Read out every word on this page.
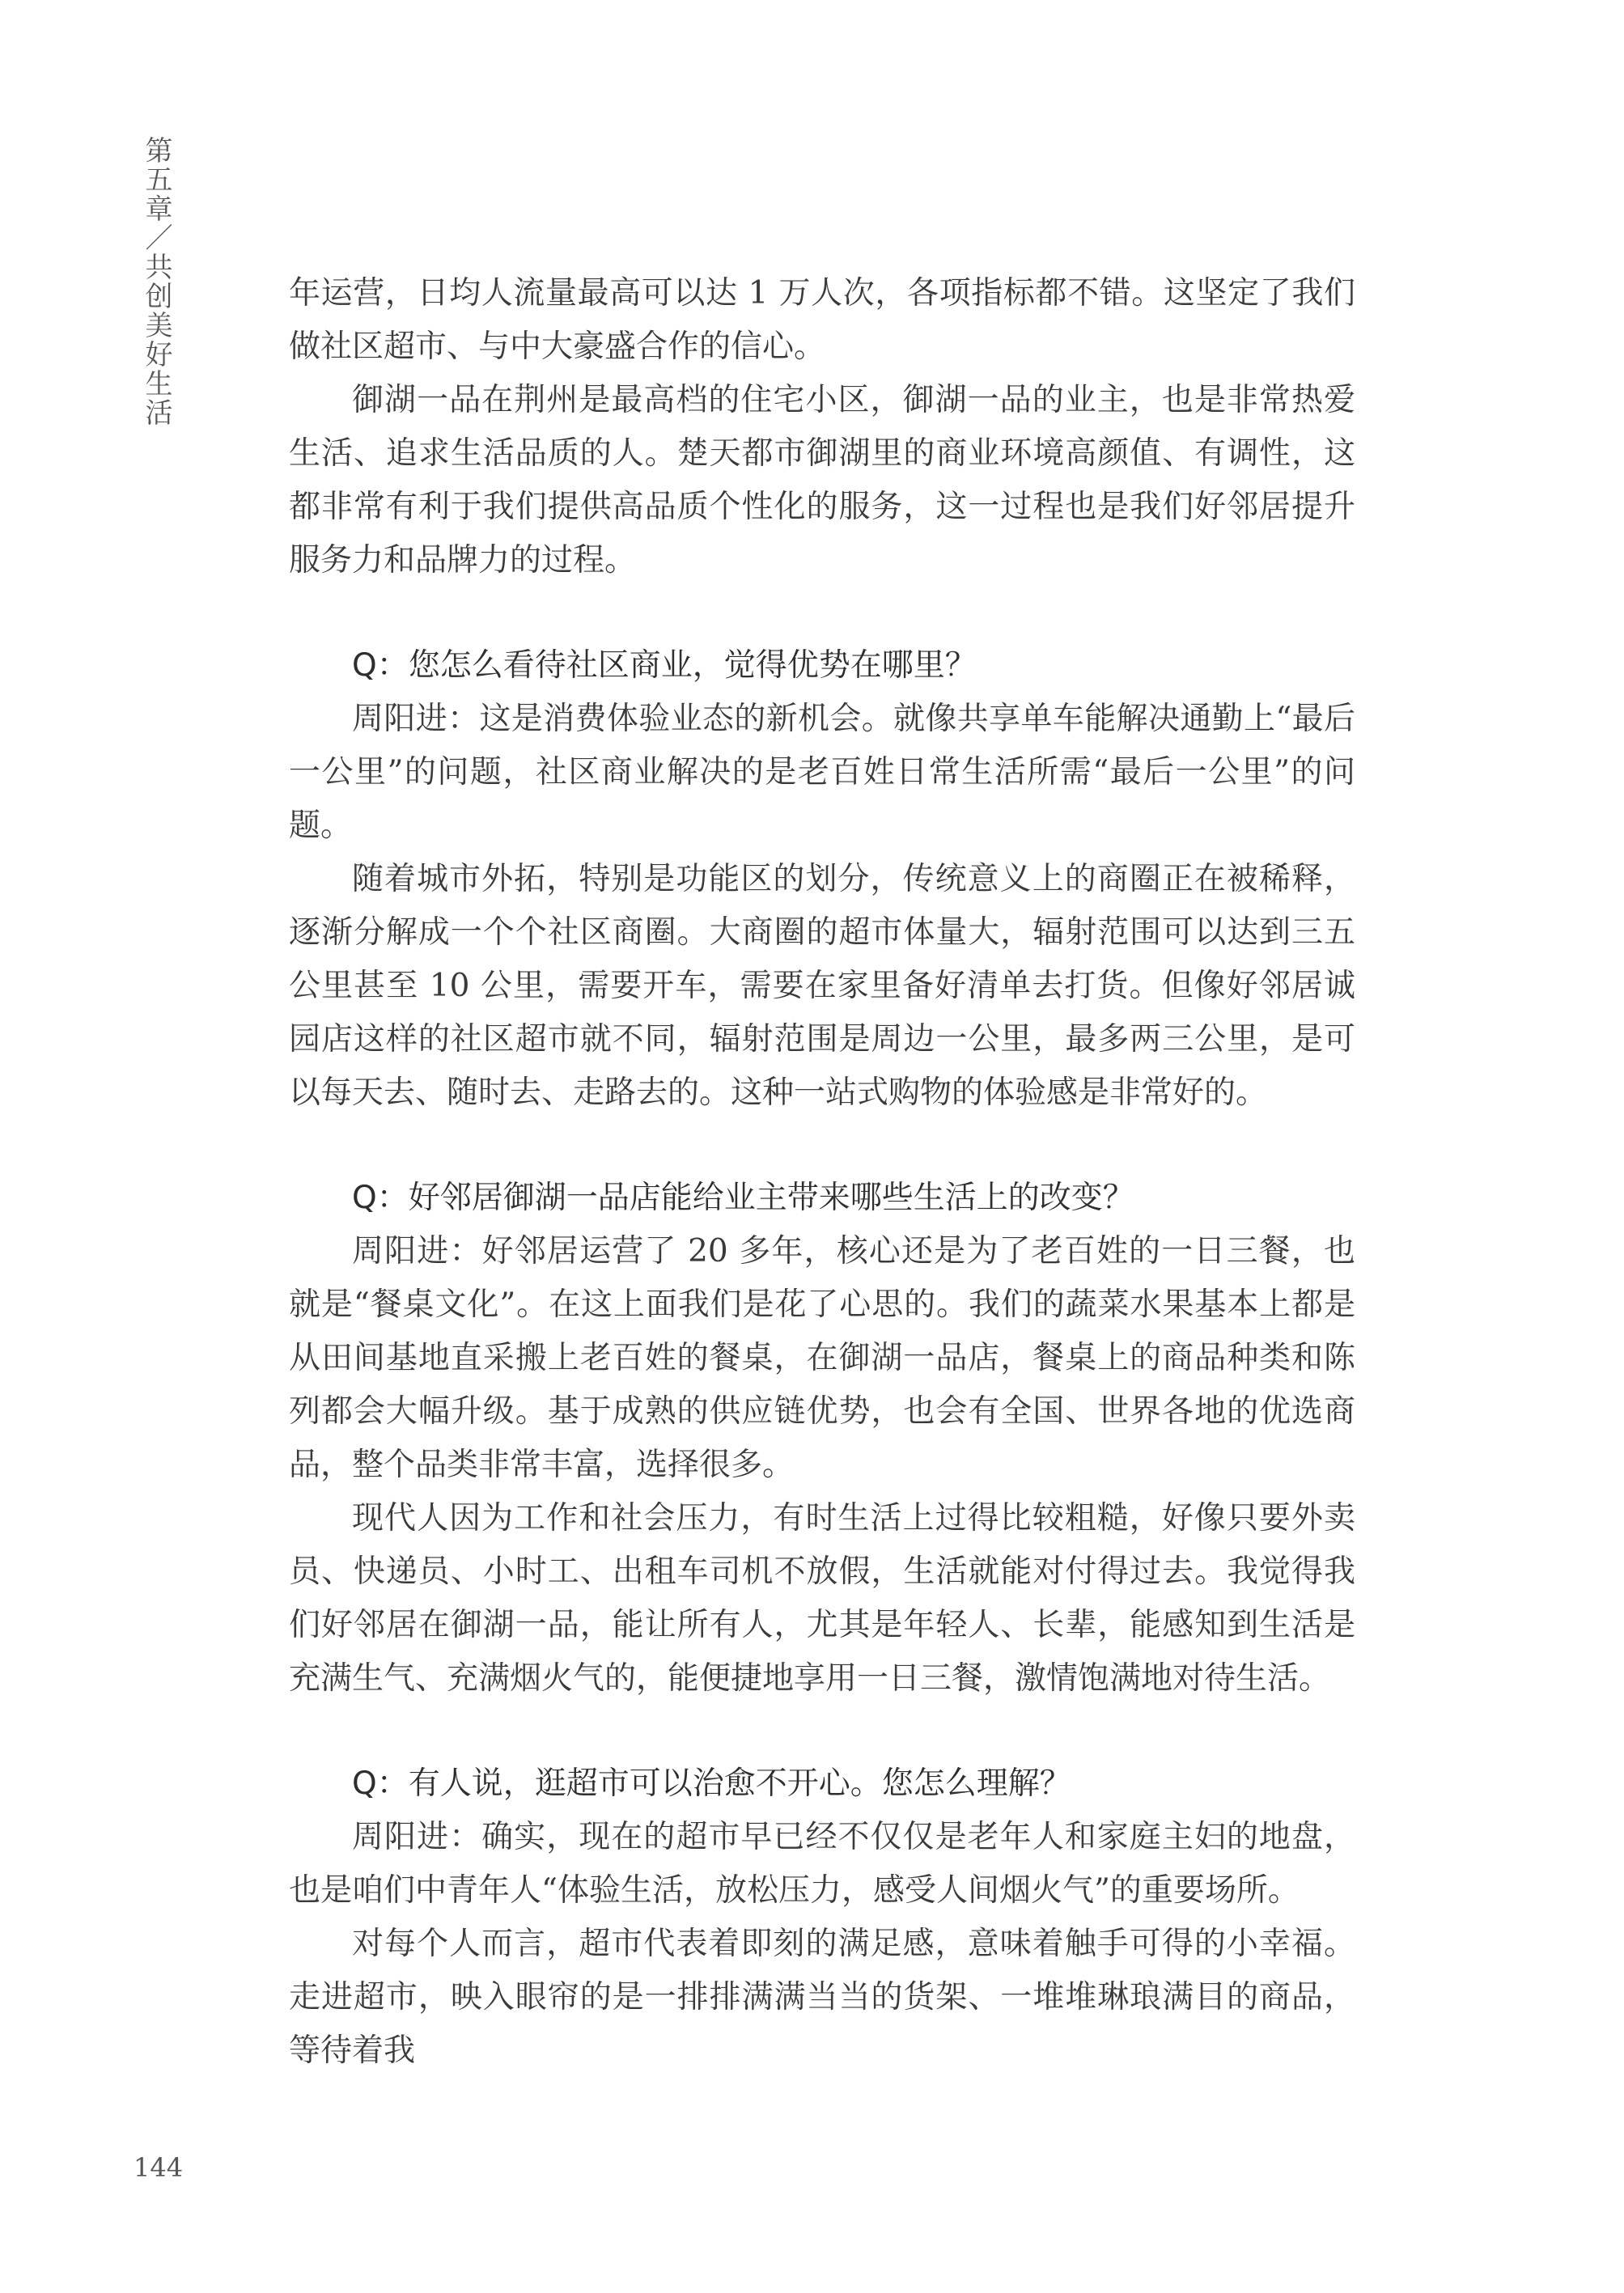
第五章／共创美好生活	年运营，日均人流量最高可以达 1 万人次，各项指标都不错。这坚定了我们做社区超市、与中大豪盛合作的信心。

御湖一品在荆州是最高档的住宅小区，御湖一品的业主，也是非常热爱生活、追求生活品质的人。楚天都市御湖里的商业环境高颜值、有调性，这都非常有利于我们提供高品质个性化的服务，这一过程也是我们好邻居提升服务力和品牌力的过程。

Q：您怎么看待社区商业，觉得优势在哪里？

周阳进：这是消费体验业态的新机会。就像共享单车能解决通勤上“最后一公里”的问题，社区商业解决的是老百姓日常生活所需“最后一公里”的问题。

随着城市外拓，特别是功能区的划分，传统意义上的商圈正在被稀释，逐渐分解成一个个社区商圈。大商圈的超市体量大，辐射范围可以达到三五公里甚至 10 公里，需要开车，需要在家里备好清单去打货。但像好邻居诚园店这样的社区超市就不同，辐射范围是周边一公里，最多两三公里，是可以每天去、随时去、走路去的。这种一站式购物的体验感是非常好的。

Q：好邻居御湖一品店能给业主带来哪些生活上的改变？

周阳进：好邻居运营了 20 多年，核心还是为了老百姓的一日三餐，也就是“餐桌文化”。在这上面我们是花了心思的。我们的蔬菜水果基本上都是从田间基地直采搬上老百姓的餐桌，在御湖一品店，餐桌上的商品种类和陈列都会大幅升级。基于成熟的供应链优势，也会有全国、世界各地的优选商品，整个品类非常丰富，选择很多。

现代人因为工作和社会压力，有时生活上过得比较粗糙，好像只要外卖员、快递员、小时工、出租车司机不放假，生活就能对付得过去。我觉得我们好邻居在御湖一品，能让所有人，尤其是年轻人、长辈，能感知到生活是充满生气、充满烟火气的，能便捷地享用一日三餐，激情饱满地对待生活。

Q：有人说，逛超市可以治愈不开心。您怎么理解？

周阳进：确实，现在的超市早已经不仅仅是老年人和家庭主妇的地盘，也是咱们中青年人“体验生活，放松压力，感受人间烟火气”的重要场所。

对每个人而言，超市代表着即刻的满足感，意味着触手可得的小幸福。走进超市，映入眼帘的是一排排满满当当的货架、一堆堆琳琅满目的商品，等待着我

144
